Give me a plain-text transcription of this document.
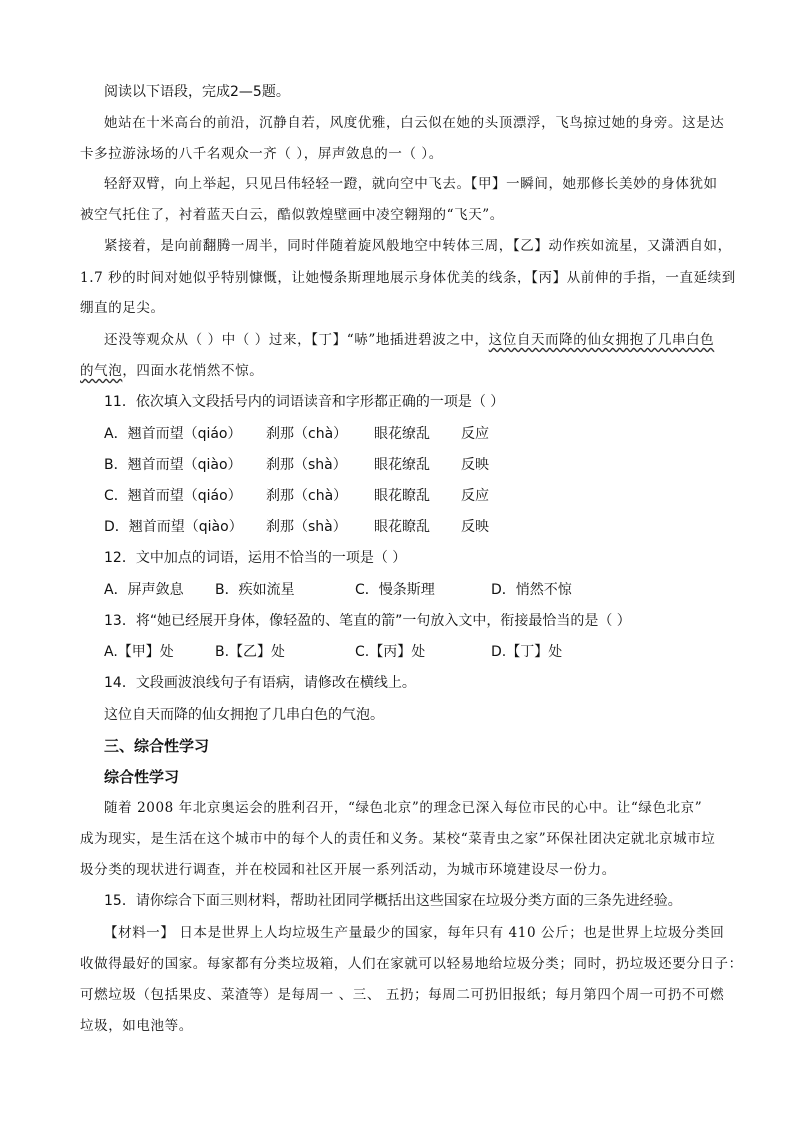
阅读以下语段，完成2—5题。
她站在十米高台的前沿，沉静自若，风度优雅，白云似在她的头顶漂浮，飞鸟掠过她的身旁。这是达
卡多拉游泳场的八千名观众一齐（ ），屏声敛息的一（ ）。
轻舒双臂，向上举起，只见吕伟轻轻一蹬，就向空中飞去。【甲】一瞬间，她那修长美妙的身体犹如
被空气托住了，衬着蓝天白云，酷似敦煌壁画中凌空翱翔的“飞天”。
紧接着，是向前翻腾一周半，同时伴随着旋风般地空中转体三周，【乙】动作疾如流星，又潇洒自如，
1.7 秒的时间对她似乎特别慷慨，让她慢条斯理地展示身体优美的线条，【丙】从前伸的手指，一直延续到
绷直的足尖。
还没等观众从（ ）中（ ）过来，【丁】“哧”地插进碧波之中，这位自天而降的仙女拥抱了几串白色
的气泡，四面水花悄然不惊。
11．依次填入文段括号内的词语读音和字形都正确的一项是（ ）
A．翘首而望（qiáo） 刹那（chà） 眼花缭乱 反应
B．翘首而望（qiào） 刹那（shà） 眼花缭乱 反映
C．翘首而望（qiáo） 刹那（chà） 眼花瞭乱 反应
D．翘首而望（qiào） 刹那（shà） 眼花瞭乱 反映
12．文中加点的词语，运用不恰当的一项是（ ）
A．屏声敛息 B．疾如流星	C．慢条斯理	D．悄然不惊
13．将“她已经展开身体，像轻盈的、笔直的箭”一句放入文中，衔接最恰当的是（ ）
A.【甲】处	B.【乙】处	C.【丙】处	D.【丁】处
14．文段画波浪线句子有语病，请修改在横线上。
这位自天而降的仙女拥抱了几串白色的气泡。
三、综合性学习
综合性学习
随着 2008 年北京奥运会的胜利召开，“绿色北京”的理念已深入每位市民的心中。让“绿色北京”
成为现实，是生活在这个城市中的每个人的责任和义务。某校“菜青虫之家”环保社团决定就北京城市垃
圾分类的现状进行调查，并在校园和社区开展一系列活动，为城市环境建设尽一份力。
15．请你综合下面三则材料，帮助社团同学概括出这些国家在垃圾分类方面的三条先进经验。
【材料一】 日本是世界上人均垃圾生产量最少的国家，每年只有 410 公斤；也是世界上垃圾分类回
收做得最好的国家。每家都有分类垃圾箱，人们在家就可以轻易地给垃圾分类；同时，扔垃圾还要分日子：
可燃垃圾（包括果皮、菜渣等）是每周一 、三、 五扔；每周二可扔旧报纸；每月第四个周一可扔不可燃
垃圾，如电池等。
